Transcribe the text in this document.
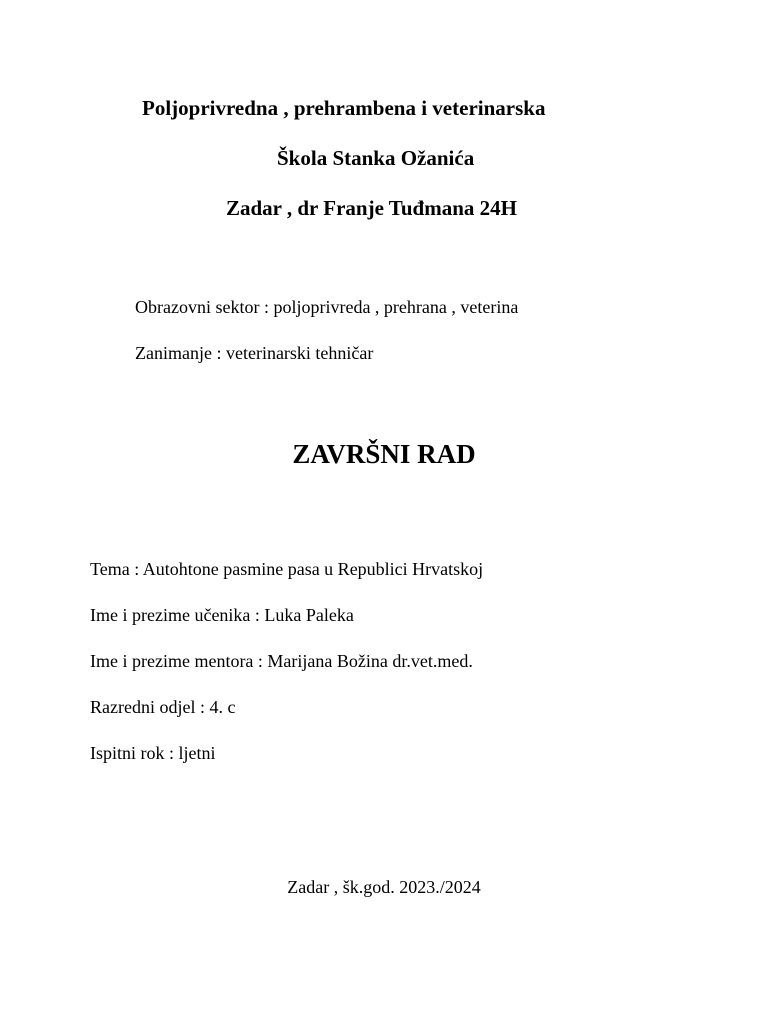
Poljoprivredna , prehrambena i veterinarska
Škola Stanka Ožanića
Zadar , dr Franje Tuđmana 24H
Obrazovni sektor : poljoprivreda , prehrana , veterina
Zanimanje : veterinarski tehničar
ZAVRŠNI RAD
Tema : Autohtone pasmine pasa u Republici Hrvatskoj
Ime i prezime učenika : Luka Paleka
Ime i prezime mentora : Marijana Božina dr.vet.med.
Razredni odjel : 4. c
Ispitni rok : ljetni
Zadar , šk.god. 2023./2024
